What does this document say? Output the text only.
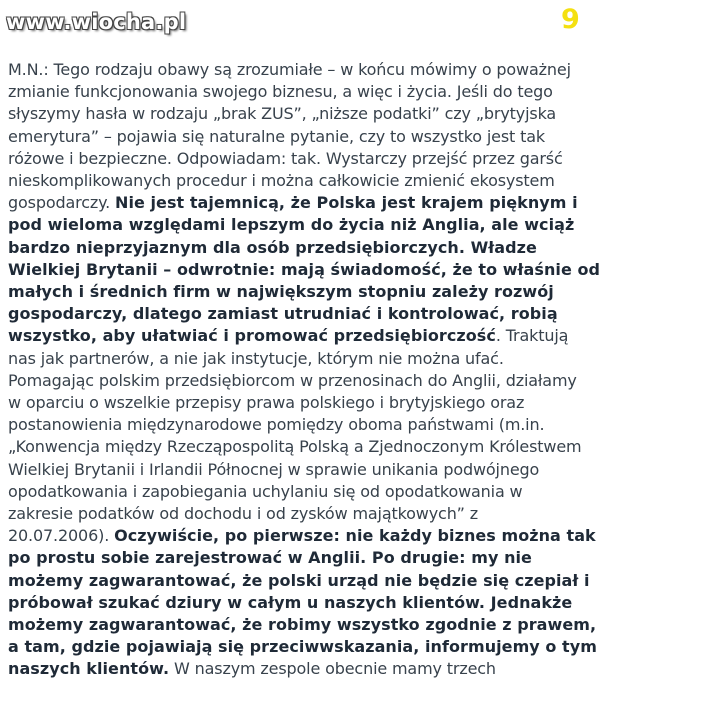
www.wiocha.pl	9
M.N.: Tego rodzaju obawy są zrozumiałe – w końcu mówimy o poważnej
zmianie funkcjonowania swojego biznesu, a więc i życia. Jeśli do tego
słyszymy hasła w rodzaju „brak ZUS”, „niższe podatki” czy „brytyjska
emerytura” – pojawia się naturalne pytanie, czy to wszystko jest tak
różowe i bezpieczne. Odpowiadam: tak. Wystarczy przejść przez garść
nieskomplikowanych procedur i można całkowicie zmienić ekosystem
gospodarczy. Nie jest tajemnicą, że Polska jest krajem pięknym i
pod wieloma względami lepszym do życia niż Anglia, ale wciąż
bardzo nieprzyjaznym dla osób przedsiębiorczych. Władze
Wielkiej Brytanii – odwrotnie: mają świadomość, że to właśnie od
małych i średnich firm w największym stopniu zależy rozwój
gospodarczy, dlatego zamiast utrudniać i kontrolować, robią
wszystko, aby ułatwiać i promować przedsiębiorczość. Traktują
nas jak partnerów, a nie jak instytucje, którym nie można ufać.
Pomagając polskim przedsiębiorcom w przenosinach do Anglii, działamy
w oparciu o wszelkie przepisy prawa polskiego i brytyjskiego oraz
postanowienia międzynarodowe pomiędzy oboma państwami (m.in.
„Konwencja między Rzecząpospolitą Polską a Zjednoczonym Królestwem
Wielkiej Brytanii i Irlandii Północnej w sprawie unikania podwójnego
opodatkowania i zapobiegania uchylaniu się od opodatkowania w
zakresie podatków od dochodu i od zysków majątkowych” z
20.07.2006). Oczywiście, po pierwsze: nie każdy biznes można tak
po prostu sobie zarejestrować w Anglii. Po drugie: my nie
możemy zagwarantować, że polski urząd nie będzie się czepiał i
próbował szukać dziury w całym u naszych klientów. Jednakże
możemy zagwarantować, że robimy wszystko zgodnie z prawem,
a tam, gdzie pojawiają się przeciwwskazania, informujemy o tym
naszych klientów. W naszym zespole obecnie mamy trzech
